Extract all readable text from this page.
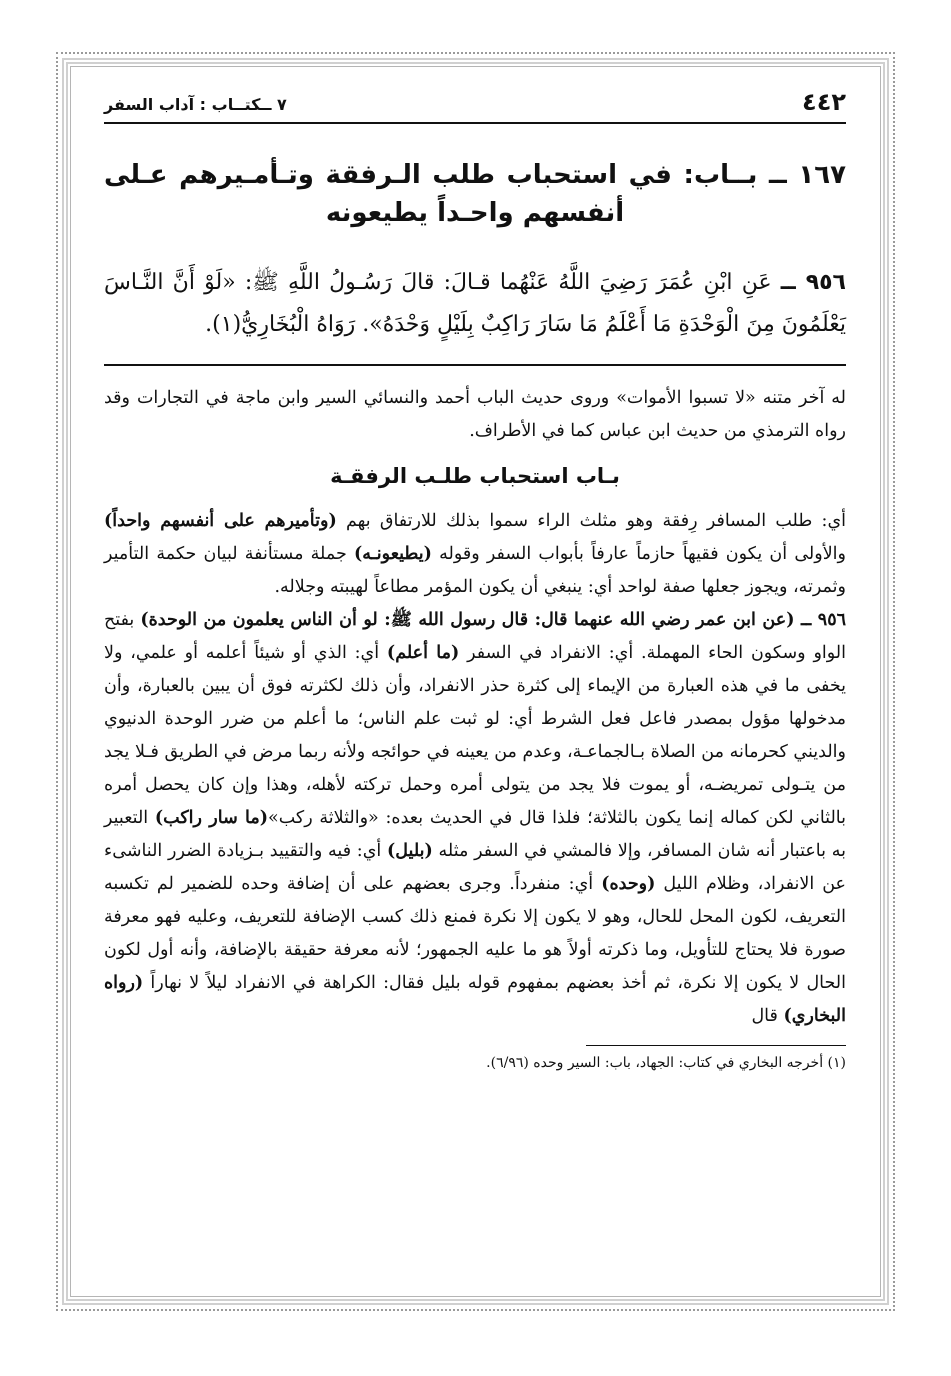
٤٤٢
٧ ــكتــاب : آداب السفر
١٦٧ ــ بــاب: في استحباب طلب الـرفقة وتـأمـيرهم عـلى أنفسهم واحـداً يطيعونه
٩٥٦ ــ عَنِ ابْنِ عُمَرَ رَضِيَ اللَّهُ عَنْهُما قـالَ: قالَ رَسُـولُ اللَّهِ ﷺ: «لَوْ أَنَّ النَّـاسَ يَعْلَمُونَ مِنَ الْوَحْدَةِ مَا أَعْلَمُ مَا سَارَ رَاكِبٌ بِلَيْلٍ وَحْدَهُ». رَوَاهُ الْبُخَارِيُّ(١).

له آخر متنه «لا تسبوا الأموات» وروى حديث الباب أحمد والنسائي السير وابن ماجة في التجارات وقد رواه الترمذي من حديث ابن عباس كما في الأطراف.

بـاب استحباب طلـب الرفقـة

أي: طلب المسافر رِفقة وهو مثلث الراء سموا بذلك للارتفاق بهم (وتأميرهم على أنفسهم واحداً) والأولى أن يكون فقيهاً حازماً عارفاً بأبواب السفر وقوله (يطيعونـه) جملة مستأنفة لبيان حكمة التأمير وثمرته، ويجوز جعلها صفة لواحد أي: ينبغي أن يكون المؤمر مطاعاً لهيبته وجلاله.

٩٥٦ ــ (عن ابن عمر رضي الله عنهما قال: قال رسول الله ﷺ: لو أن الناس يعلمون من الوحدة) بفتح الواو وسكون الحاء المهملة. أي: الانفراد في السفر (ما أعلم) أي: الذي أو شيئاً أعلمه أو علمي، ولا يخفى ما في هذه العبارة من الإيماء إلى كثرة حذر الانفراد، وأن ذلك لكثرته فوق أن يبين بالعبارة، وأن مدخولها مؤول بمصدر فاعل فعل الشرط أي: لو ثبت علم الناس؛ ما أعلم من ضرر الوحدة الدنيوي والديني كحرمانه من الصلاة بـالجماعـة، وعدم من يعينه في حوائجه ولأنه ربما مرض في الطريق فـلا يجد من يتـولى تمريضـه، أو يموت فلا يجد من يتولى أمره وحمل تركته لأهله، وهذا وإن كان يحصل أمره بالثاني لكن كماله إنما يكون بالثلاثة؛ فلذا قال في الحديث بعده: «والثلاثة ركب»(ما سار راكب) التعبير به باعتبار أنه شان المسافر، وإلا فالمشي في السفر مثله (بليل) أي: فيه والتقييد بـزيادة الضرر الناشىء عن الانفراد، وظلام الليل (وحده) أي: منفرداً. وجرى بعضهم على أن إضافة وحده للضمير لم تكسبه التعريف، لكون المحل للحال، وهو لا يكون إلا نكرة فمنع ذلك كسب الإضافة للتعريف، وعليه فهو معرفة صورة فلا يحتاج للتأويل، وما ذكرته أولاً هو ما عليه الجمهور؛ لأنه معرفة حقيقة بالإضافة، وأنه أول لكون الحال لا يكون إلا نكرة، ثم أخذ بعضهم بمفهوم قوله بليل فقال: الكراهة في الانفراد ليلاً لا نهاراً (رواه البخاري) قال

(١) أخرجه البخاري في كتاب: الجهاد، باب: السير وحده (٦/٩٦).
